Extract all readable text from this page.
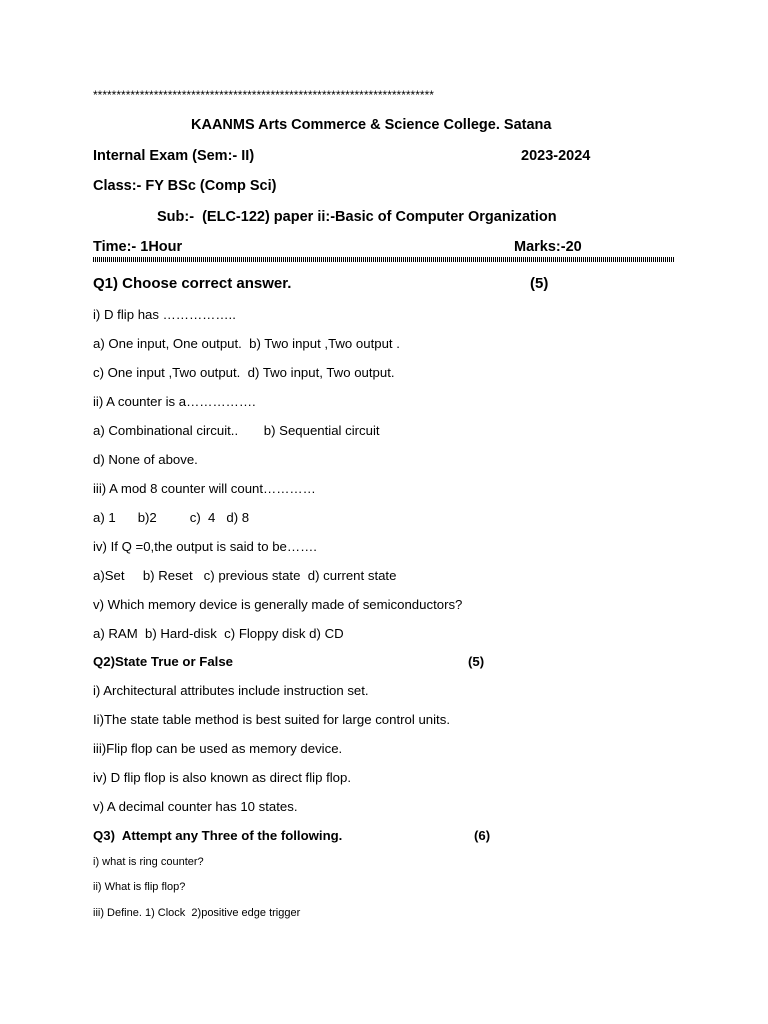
*************************************************************************
KAANMS Arts Commerce & Science College. Satana
Internal Exam (Sem:- II)	2023-2024
Class:- FY BSc (Comp Sci)
Sub:-  (ELC-122) paper ii:-Basic of Computer Organization
Time:- 1Hour	Marks:-20
Q1) Choose correct answer.	(5)
i) D flip has ……………..
a) One input, One output.  b) Two input ,Two output .
c) One input ,Two output.  d) Two input, Two output.
ii) A counter is a…………….
a) Combinational circuit..       b) Sequential circuit
d) None of above.
iii) A mod 8 counter will count…………
a) 1      b)2         c)  4   d) 8
iv) If Q =0,the output is said to be…….
a)Set     b) Reset   c) previous state  d) current state
v) Which memory device is generally made of semiconductors?
a) RAM  b) Hard-disk  c) Floppy disk d) CD
Q2)State True or False	(5)
i) Architectural attributes include instruction set.
Ii)The state table method is best suited for large control units.
iii)Flip flop can be used as memory device.
iv) D flip flop is also known as direct flip flop.
v) A decimal counter has 10 states.
Q3)  Attempt any Three of the following.	(6)
i) what is ring counter?
ii) What is flip flop?
iii) Define. 1) Clock  2)positive edge trigger
